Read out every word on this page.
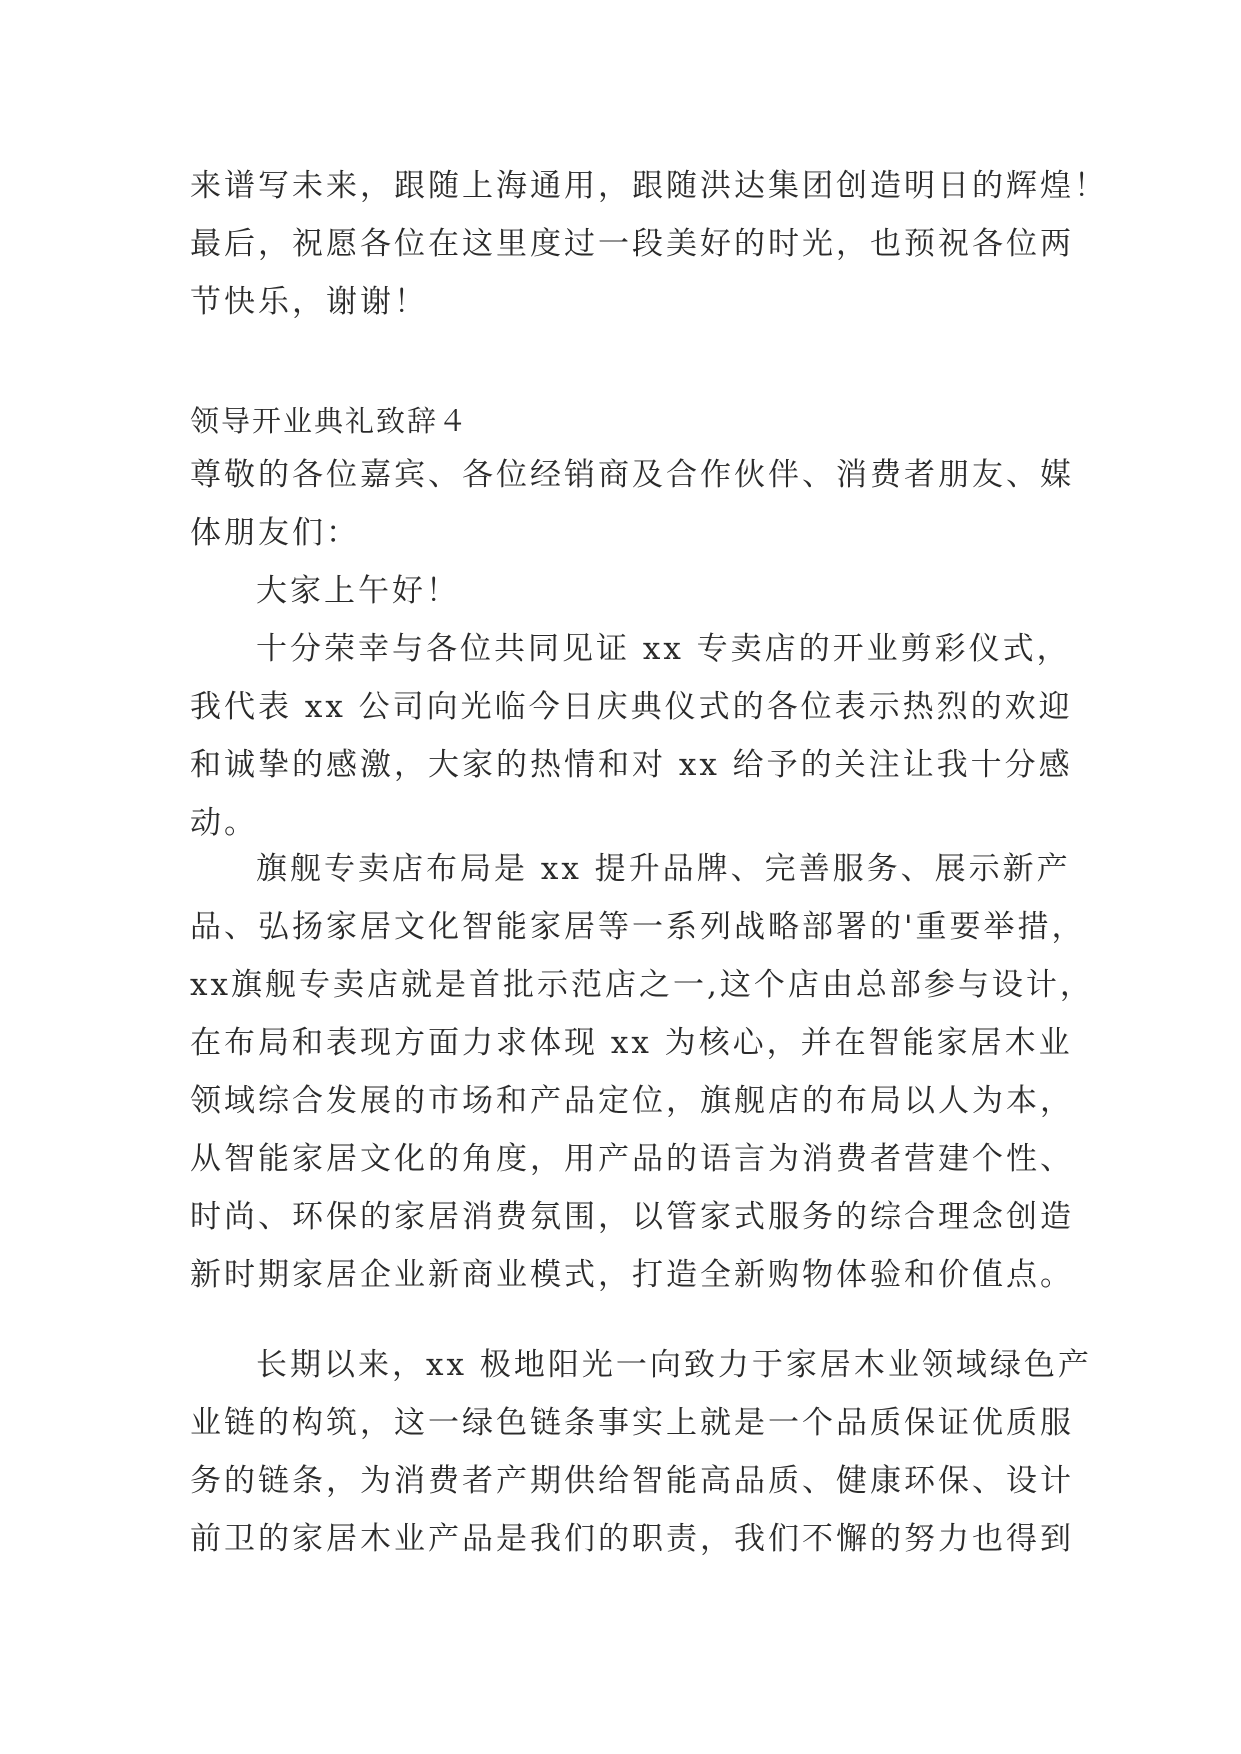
来谱写未来，跟随上海通用，跟随洪达集团创造明日的辉煌！
最后，祝愿各位在这里度过一段美好的时光，也预祝各位两
节快乐，谢谢！
领导开业典礼致辞４
尊敬的各位嘉宾、各位经销商及合作伙伴、消费者朋友、媒
体朋友们：
大家上午好！
十分荣幸与各位共同见证 xx 专卖店的开业剪彩仪式，
我代表 xx 公司向光临今日庆典仪式的各位表示热烈的欢迎
和诚挚的感激，大家的热情和对 xx 给予的关注让我十分感
动。
旗舰专卖店布局是 xx 提升品牌、完善服务、展示新产
品、弘扬家居文化智能家居等一系列战略部署的'重要举措，
xx旗舰专卖店就是首批示范店之一,这个店由总部参与设计，
在布局和表现方面力求体现 xx 为核心，并在智能家居木业
领域综合发展的市场和产品定位，旗舰店的布局以人为本，
从智能家居文化的角度，用产品的语言为消费者营建个性、
时尚、环保的家居消费氛围，以管家式服务的综合理念创造
新时期家居企业新商业模式，打造全新购物体验和价值点。
长期以来，xx 极地阳光一向致力于家居木业领域绿色产
业链的构筑，这一绿色链条事实上就是一个品质保证优质服
务的链条，为消费者产期供给智能高品质、健康环保、设计
前卫的家居木业产品是我们的职责，我们不懈的努力也得到
